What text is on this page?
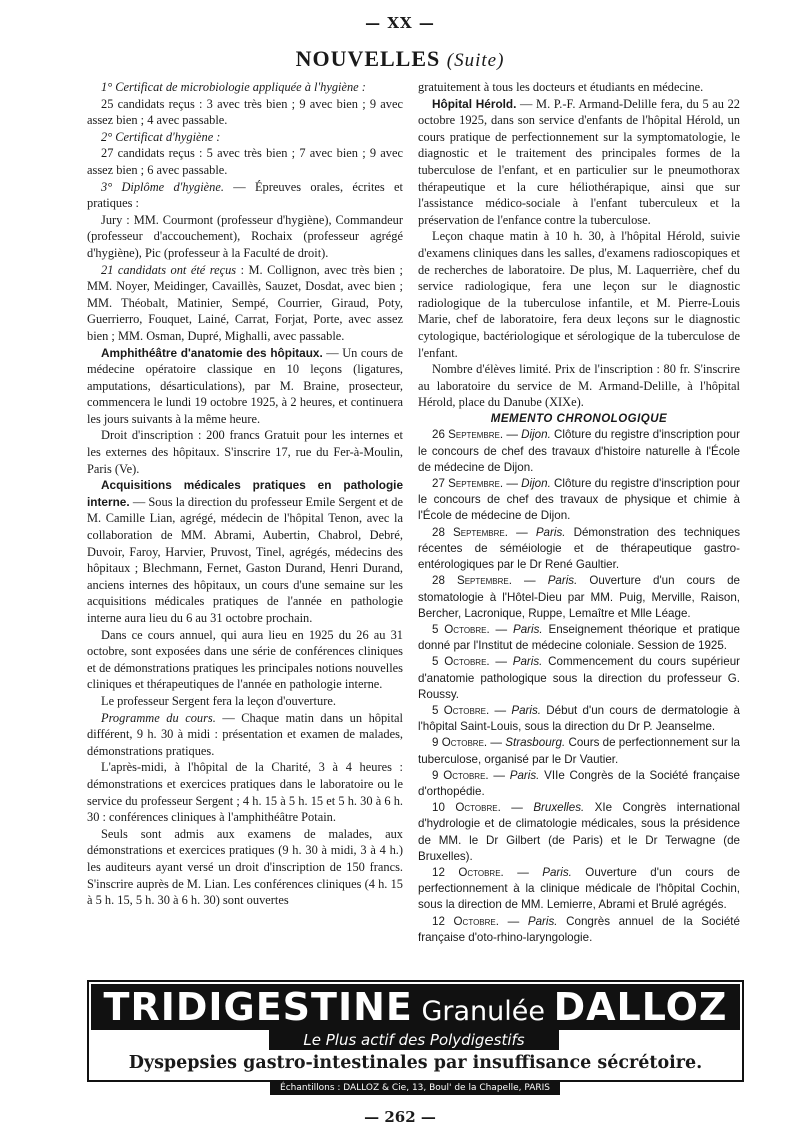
— XX —
NOUVELLES (Suite)

1° Certificat de microbiologie appliquée à l'hygiène :

25 candidats reçus : 3 avec très bien ; 9 avec bien ; 9 avec assez bien ; 4 avec passable.

2° Certificat d'hygiène :

27 candidats reçus : 5 avec très bien ; 7 avec bien ; 9 avec assez bien ; 6 avec passable.

3° Diplôme d'hygiène. — Épreuves orales, écrites et pratiques :

Jury : MM. Courmont (professeur d'hygiène), Commandeur (professeur d'accouchement), Rochaix (professeur agrégé d'hygiène), Pic (professeur à la Faculté de droit).

21 candidats ont été reçus : M. Collignon, avec très bien ; MM. Noyer, Meidinger, Cavaillès, Sauzet, Dosdat, avec bien ; MM. Théobalt, Matinier, Sempé, Courrier, Giraud, Poty, Guerrierro, Fouquet, Lainé, Carrat, Forjat, Porte, avec assez bien ; MM. Osman, Dupré, Mighalli, avec passable.

Amphithéâtre d'anatomie des hôpitaux. — Un cours de médecine opératoire classique en 10 leçons (ligatures, amputations, désarticulations), par M. Braine, prosecteur, commencera le lundi 19 octobre 1925, à 2 heures, et continuera les jours suivants à la même heure.

Droit d'inscription : 200 francs Gratuit pour les internes et les externes des hôpitaux. S'inscrire 17, rue du Fer-à-Moulin, Paris (Ve).

Acquisitions médicales pratiques en pathologie interne. — Sous la direction du professeur Emile Sergent et de M. Camille Lian, agrégé, médecin de l'hôpital Tenon, avec la collaboration de MM. Abrami, Aubertin, Chabrol, Debré, Duvoir, Faroy, Harvier, Pruvost, Tinel, agrégés, médecins des hôpitaux ; Blechmann, Fernet, Gaston Durand, Henri Durand, anciens internes des hôpitaux, un cours d'une semaine sur les acquisitions médicales pratiques de l'année en pathologie interne aura lieu du 6 au 31 octobre prochain.

Dans ce cours annuel, qui aura lieu en 1925 du 26 au 31 octobre, sont exposées dans une série de conférences cliniques et de démonstrations pratiques les principales notions nouvelles cliniques et thérapeutiques de l'année en pathologie interne.

Le professeur Sergent fera la leçon d'ouverture.

Programme du cours. — Chaque matin dans un hôpital différent, 9 h. 30 à midi : présentation et examen de malades, démonstrations pratiques.

L'après-midi, à l'hôpital de la Charité, 3 à 4 heures : démonstrations et exercices pratiques dans le laboratoire ou le service du professeur Sergent ; 4 h. 15 à 5 h. 15 et 5 h. 30 à 6 h. 30 : conférences cliniques à l'amphithéâtre Potain.

Seuls sont admis aux examens de malades, aux démonstrations et exercices pratiques (9 h. 30 à midi, 3 à 4 h.) les auditeurs ayant versé un droit d'inscription de 150 francs. S'inscrire auprès de M. Lian. Les conférences cliniques (4 h. 15 à 5 h. 15, 5 h. 30 à 6 h. 30) sont ouvertes

gratuitement à tous les docteurs et étudiants en médecine.

Hôpital Hérold. — M. P.-F. Armand-Delille fera, du 5 au 22 octobre 1925, dans son service d'enfants de l'hôpital Hérold, un cours pratique de perfectionnement sur la symptomatologie, le diagnostic et le traitement des principales formes de la tuberculose de l'enfant, et en particulier sur le pneumothorax thérapeutique et la cure héliothérapique, ainsi que sur l'assistance médico-sociale à l'enfant tuberculeux et la préservation de l'enfance contre la tuberculose.

Leçon chaque matin à 10 h. 30, à l'hôpital Hérold, suivie d'examens cliniques dans les salles, d'examens radioscopiques et de recherches de laboratoire. De plus, M. Laquerrière, chef du service radiologique, fera une leçon sur le diagnostic radiologique de la tuberculose infantile, et M. Pierre-Louis Marie, chef de laboratoire, fera deux leçons sur le diagnostic cytologique, bactériologique et sérologique de la tuberculose de l'enfant.

Nombre d'élèves limité. Prix de l'inscription : 80 fr. S'inscrire au laboratoire du service de M. Armand-Delille, à l'hôpital Hérold, place du Danube (XIXe).

MEMENTO CHRONOLOGIQUE

26 Septembre. — Dijon. Clôture du registre d'inscription pour le concours de chef des travaux d'histoire naturelle à l'École de médecine de Dijon.

27 Septembre. — Dijon. Clôture du registre d'inscription pour le concours de chef des travaux de physique et chimie à l'École de médecine de Dijon.

28 Septembre. — Paris. Démonstration des techniques récentes de séméiologie et de thérapeutique gastro-entérologiques par le Dr René Gaultier.

28 Septembre. — Paris. Ouverture d'un cours de stomatologie à l'Hôtel-Dieu par MM. Puig, Merville, Raison, Bercher, Lacronique, Ruppe, Lemaître et Mlle Léage.

5 Octobre. — Paris. Enseignement théorique et pratique donné par l'Institut de médecine coloniale. Session de 1925.

5 Octobre. — Paris. Commencement du cours supérieur d'anatomie pathologique sous la direction du professeur G. Roussy.

5 Octobre. — Paris. Début d'un cours de dermatologie à l'hôpital Saint-Louis, sous la direction du Dr P. Jeanselme.

9 Octobre. — Strasbourg. Cours de perfectionnement sur la tuberculose, organisé par le Dr Vautier.

9 Octobre. — Paris. VIIe Congrès de la Société française d'orthopédie.

10 Octobre. — Bruxelles. XIe Congrès international d'hydrologie et de climatologie médicales, sous la présidence de MM. le Dr Gilbert (de Paris) et le Dr Terwagne (de Bruxelles).

12 Octobre. — Paris. Ouverture d'un cours de perfectionnement à la clinique médicale de l'hôpital Cochin, sous la direction de MM. Lemierre, Abrami et Brulé agrégés.

12 Octobre. — Paris. Congrès annuel de la Société française d'oto-rhino-laryngologie.

TRIDIGESTINE Granulée DALLOZ
Le Plus actif des Polydigestifs
Dyspepsies gastro-intestinales par insuffisance sécrétoire.
Échantillons : DALLOZ & Cie, 13, Boul' de la Chapelle, PARIS
— 262 —
